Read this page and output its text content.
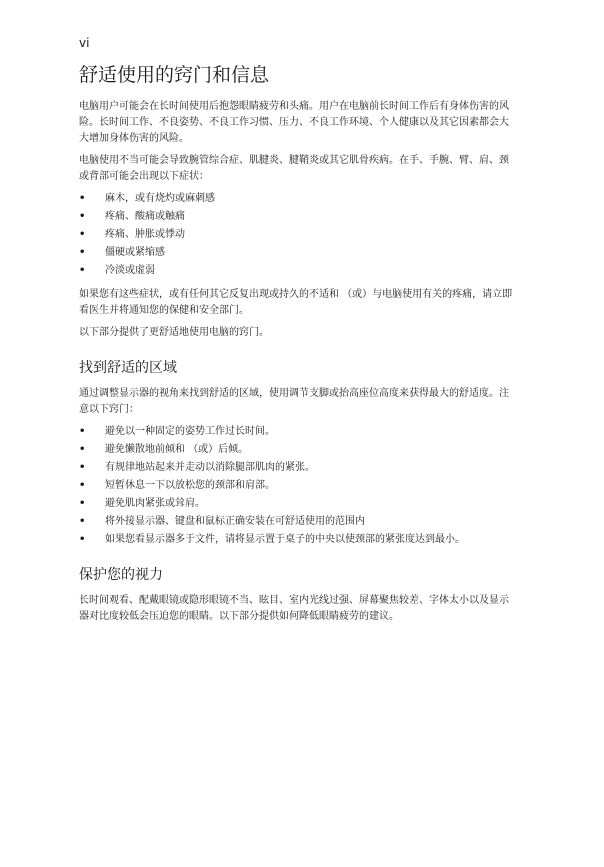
vi
舒适使用的窍门和信息

电脑用户可能会在长时间使用后抱怨眼睛疲劳和头痛。用户在电脑前长时间工作后有身体伤害的风险。长时间工作、不良姿势、不良工作习惯、压力、不良工作环境、个人健康以及其它因素都会大大增加身体伤害的风险。

电脑使用不当可能会导致腕管综合症、肌腱炎、腱鞘炎或其它肌骨疾病。在手、手腕、臂、肩、颈或背部可能会出现以下症状：

• 麻木，或有烧灼或麻刺感
• 疼痛、酸痛或触痛
• 疼痛、肿胀或悸动
• 僵硬或紧缩感
• 冷淡或虚弱

如果您有这些症状，或有任何其它反复出现或持久的不适和 （或）与电脑使用有关的疼痛，请立即看医生并将通知您的保健和安全部门。

以下部分提供了更舒适地使用电脑的窍门。

找到舒适的区域

通过调整显示器的视角来找到舒适的区域，使用调节支脚或抬高座位高度来获得最大的舒适度。注意以下窍门：

• 避免以一种固定的姿势工作过长时间。
• 避免懒散地前倾和 （或）后倾。
• 有规律地站起来并走动以消除腿部肌肉的紧张。
• 短暂休息一下以放松您的颈部和肩部。
• 避免肌肉紧张或耸肩。
• 将外接显示器、键盘和鼠标正确安装在可舒适使用的范围内
• 如果您看显示器多于文件，请将显示置于桌子的中央以使颈部的紧张度达到最小。
保护您的视力

长时间观看、配戴眼镜或隐形眼镜不当、眩目、室内光线过强、屏幕聚焦较差、字体太小以及显示器对比度较低会压迫您的眼睛。以下部分提供如何降低眼睛疲劳的建议。
